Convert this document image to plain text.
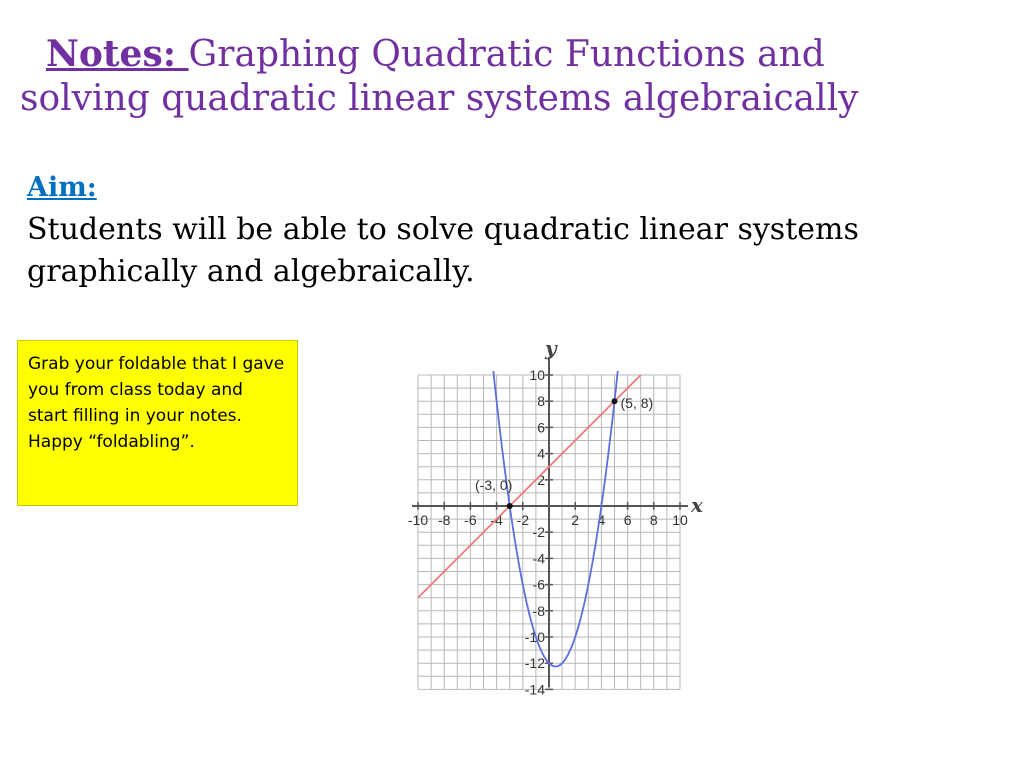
Notes: Graphing Quadratic Functions and
solving quadratic linear systems algebraically
Aim:
Students will be able to solve quadratic linear systems graphically and algebraically.
Grab your foldable that I gave you from class today and start filling in your notes. Happy “foldabling”.
-10 -8 -6 -4 -2	2 4 6 8 10
10
8
6
4
2
-2
-4
-6
-8
-10
-12
-14
(-3, 0)
(5, 8)
x
y
